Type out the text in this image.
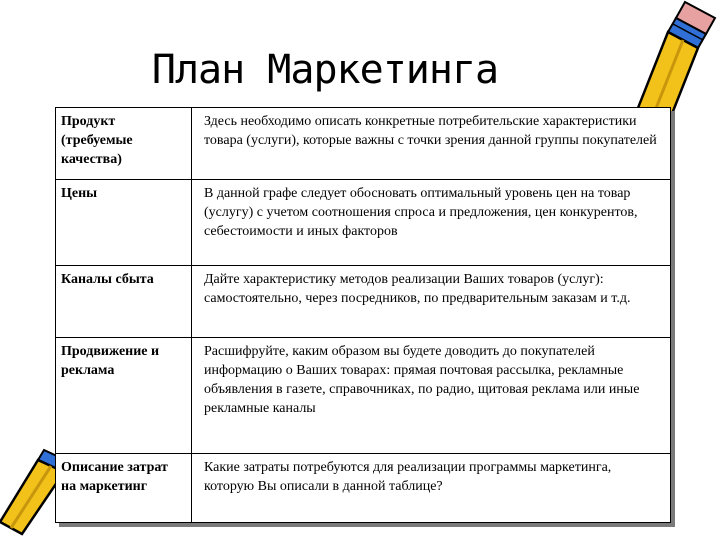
План Маркетинга
Продукт (требуемые качества)	Здесь необходимо описать конкретные потребительские характеристики товара (услуги), которые важны с точки зрения данной группы покупателей
Цены	В данной графе следует обосновать оптимальный уровень цен на товар (услугу) с учетом соотношения спроса и предложения, цен конкурентов, себестоимости и иных факторов
Каналы сбыта	Дайте характеристику методов реализации Ваших товаров (услуг): самостоятельно, через посредников, по предварительным заказам и т.д.
Продвижение и реклама	Расшифруйте, каким образом вы будете доводить до покупателей информацию о Ваших товарах: прямая почтовая рассылка, рекламные объявления в газете, справочниках, по радио, щитовая реклама или иные рекламные каналы
Описание затрат на маркетинг	Какие затраты потребуются для реализации программы маркетинга, которую Вы описали в данной таблице?
